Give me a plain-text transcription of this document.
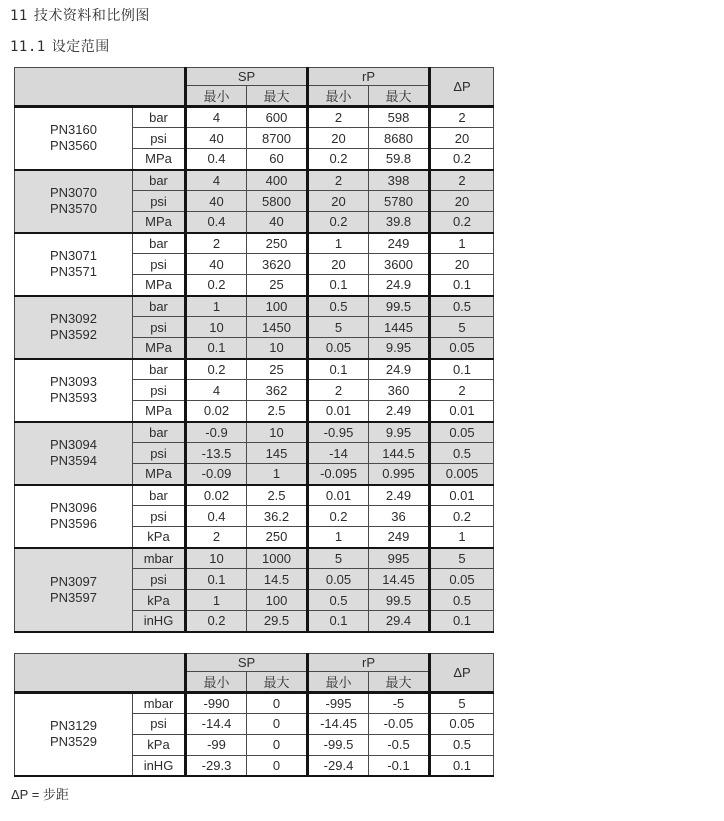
11 技术资料和比例图
11.1 设定范围
		SP		rP		ΔP
		最小	最大	最小	最大	
PN3160
PN3560	bar	4	600	2	598	2
	psi	40	8700	20	8680	20
	MPa	0.4	60	0.2	59.8	0.2
PN3070
PN3570	bar	4	400	2	398	2
	psi	40	5800	20	5780	20
	MPa	0.4	40	0.2	39.8	0.2
PN3071
PN3571	bar	2	250	1	249	1
	psi	40	3620	20	3600	20
	MPa	0.2	25	0.1	24.9	0.1
PN3092
PN3592	bar	1	100	0.5	99.5	0.5
	psi	10	1450	5	1445	5
	MPa	0.1	10	0.05	9.95	0.05
PN3093
PN3593	bar	0.2	25	0.1	24.9	0.1
	psi	4	362	2	360	2
	MPa	0.02	2.5	0.01	2.49	0.01
PN3094
PN3594	bar	-0.9	10	-0.95	9.95	0.05
	psi	-13.5	145	-14	144.5	0.5
	MPa	-0.09	1	-0.095	0.995	0.005
PN3096
PN3596	bar	0.02	2.5	0.01	2.49	0.01
	psi	0.4	36.2	0.2	36	0.2
	kPa	2	250	1	249	1
PN3097
PN3597	mbar	10	1000	5	995	5
	psi	0.1	14.5	0.05	14.45	0.05
	kPa	1	100	0.5	99.5	0.5
	inHG	0.2	29.5	0.1	29.4	0.1
		SP		rP		ΔP
		最小	最大	最小	最大	
PN3129
PN3529	mbar	-990	0	-995	-5	5
	psi	-14.4	0	-14.45	-0.05	0.05
	kPa	-99	0	-99.5	-0.5	0.5
	inHG	-29.3	0	-29.4	-0.1	0.1
ΔP = 步距
